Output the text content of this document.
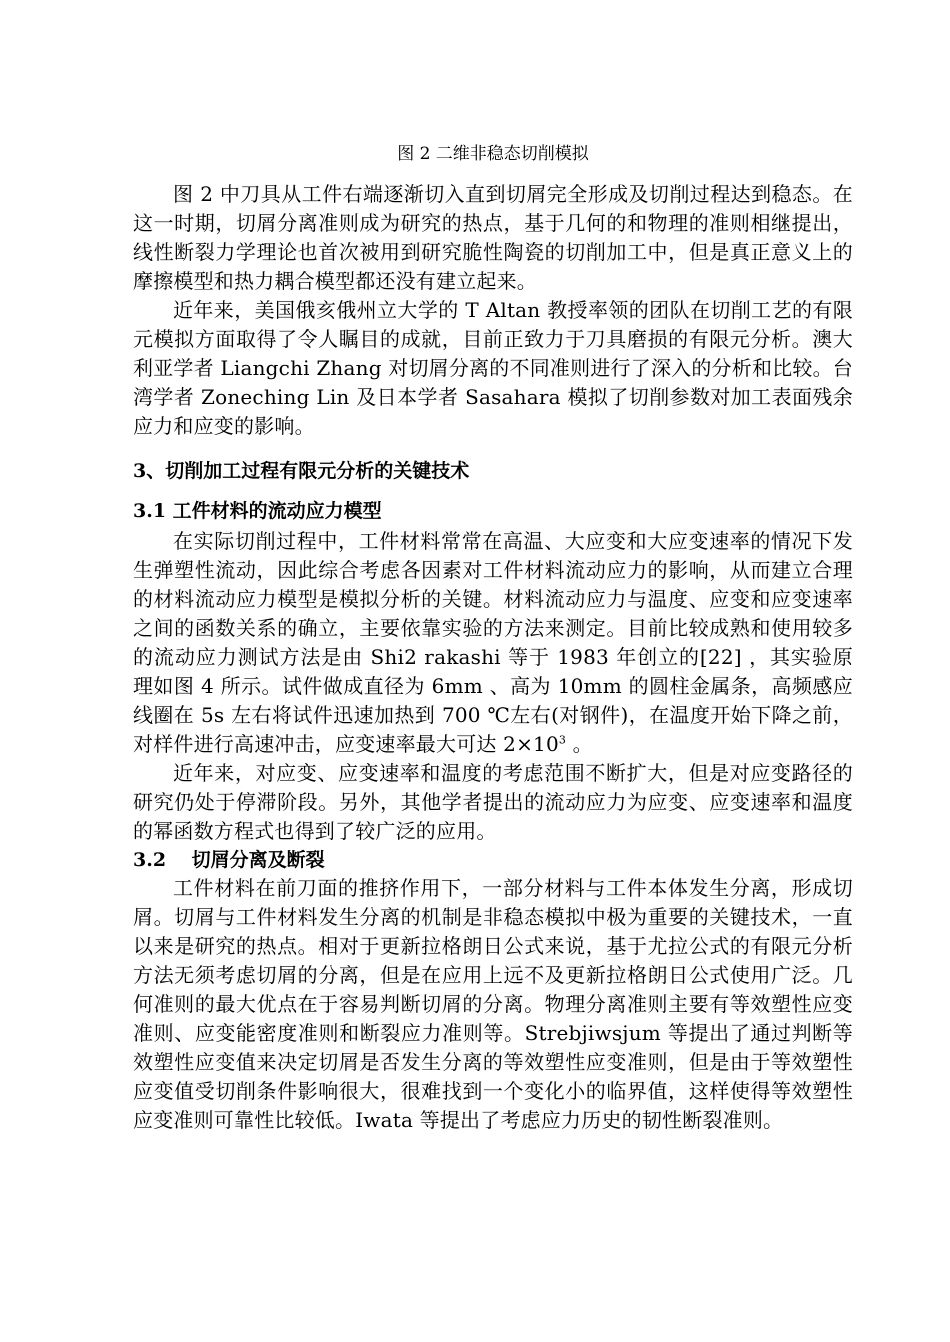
图 2 二维非稳态切削模拟

图 2 中刀具从工件右端逐渐切入直到切屑完全形成及切削过程达到稳态。在这一时期，切屑分离准则成为研究的热点，基于几何的和物理的准则相继提出，线性断裂力学理论也首次被用到研究脆性陶瓷的切削加工中，但是真正意义上的摩擦模型和热力耦合模型都还没有建立起来。

近年来，美国俄亥俄州立大学的 T Altan 教授率领的团队在切削工艺的有限元模拟方面取得了令人瞩目的成就，目前正致力于刀具磨损的有限元分析。澳大利亚学者 Liangchi Zhang 对切屑分离的不同准则进行了深入的分析和比较。台湾学者 Zoneching Lin 及日本学者 Sasahara 模拟了切削参数对加工表面残余应力和应变的影响。

3、切削加工过程有限元分析的关键技术
3.1 工件材料的流动应力模型

在实际切削过程中，工件材料常常在高温、大应变和大应变速率的情况下发生弹塑性流动，因此综合考虑各因素对工件材料流动应力的影响，从而建立合理的材料流动应力模型是模拟分析的关键。材料流动应力与温度、应变和应变速率之间的函数关系的确立，主要依靠实验的方法来测定。目前比较成熟和使用较多的流动应力测试方法是由 Shi2 rakashi 等于 1983 年创立的[22] ，其实验原理如图 4 所示。试件做成直径为 6mm 、高为 10mm 的圆柱金属条，高频感应线圈在 5s 左右将试件迅速加热到 700 ℃左右(对钢件)，在温度开始下降之前，对样件进行高速冲击，应变速率最大可达 $2\times 10^3$ 。

近年来，对应变、应变速率和温度的考虑范围不断扩大，但是对应变路径的研究仍处于停滞阶段。另外，其他学者提出的流动应力为应变、应变速率和温度的幂函数方程式也得到了较广泛的应用。

3.2　 切屑分离及断裂

工件材料在前刀面的推挤作用下，一部分材料与工件本体发生分离，形成切屑。切屑与工件材料发生分离的机制是非稳态模拟中极为重要的关键技术，一直以来是研究的热点。相对于更新拉格朗日公式来说，基于尤拉公式的有限元分析方法无须考虑切屑的分离，但是在应用上远不及更新拉格朗日公式使用广泛。几何准则的最大优点在于容易判断切屑的分离。物理分离准则主要有等效塑性应变准则、应变能密度准则和断裂应力准则等。Strebjiwsjum 等提出了通过判断等效塑性应变值来决定切屑是否发生分离的等效塑性应变准则，但是由于等效塑性应变值受切削条件影响很大，很难找到一个变化小的临界值，这样使得等效塑性应变准则可靠性比较低。Iwata 等提出了考虑应力历史的韧性断裂准则。
